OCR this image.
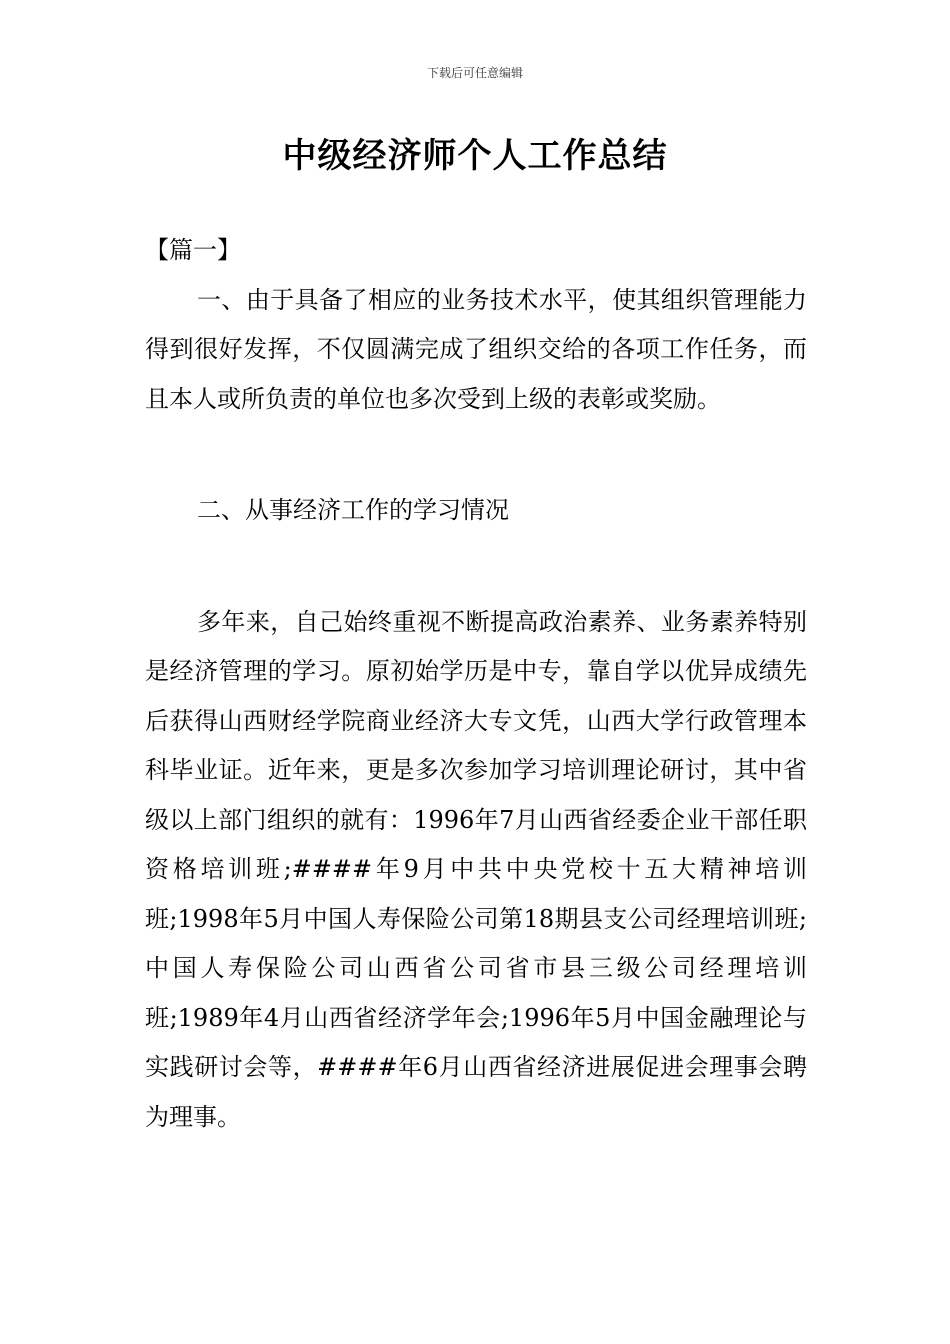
下载后可任意编辑
中级经济师个人工作总结

【篇一】

一、由于具备了相应的业务技术水平，使其组织管理能力得到很好发挥，不仅圆满完成了组织交给的各项工作任务，而且本人或所负责的单位也多次受到上级的表彰或奖励。

二、从事经济工作的学习情况

多年来，自己始终重视不断提高政治素养、业务素养特别是经济管理的学习。原初始学历是中专，靠自学以优异成绩先后获得山西财经学院商业经济大专文凭，山西大学行政管理本科毕业证。近年来，更是多次参加学习培训理论研讨，其中省级以上部门组织的就有：1996年7月山西省经委企业干部任职资格培训班;####年9月中共中央党校十五大精神培训班;1998年5月中国人寿保险公司第18期县支公司经理培训班;中国人寿保险公司山西省公司省市县三级公司经理培训班;1989年4月山西省经济学年会;1996年5月中国金融理论与实践研讨会等，####年6月山西省经济进展促进会理事会聘为理事。
